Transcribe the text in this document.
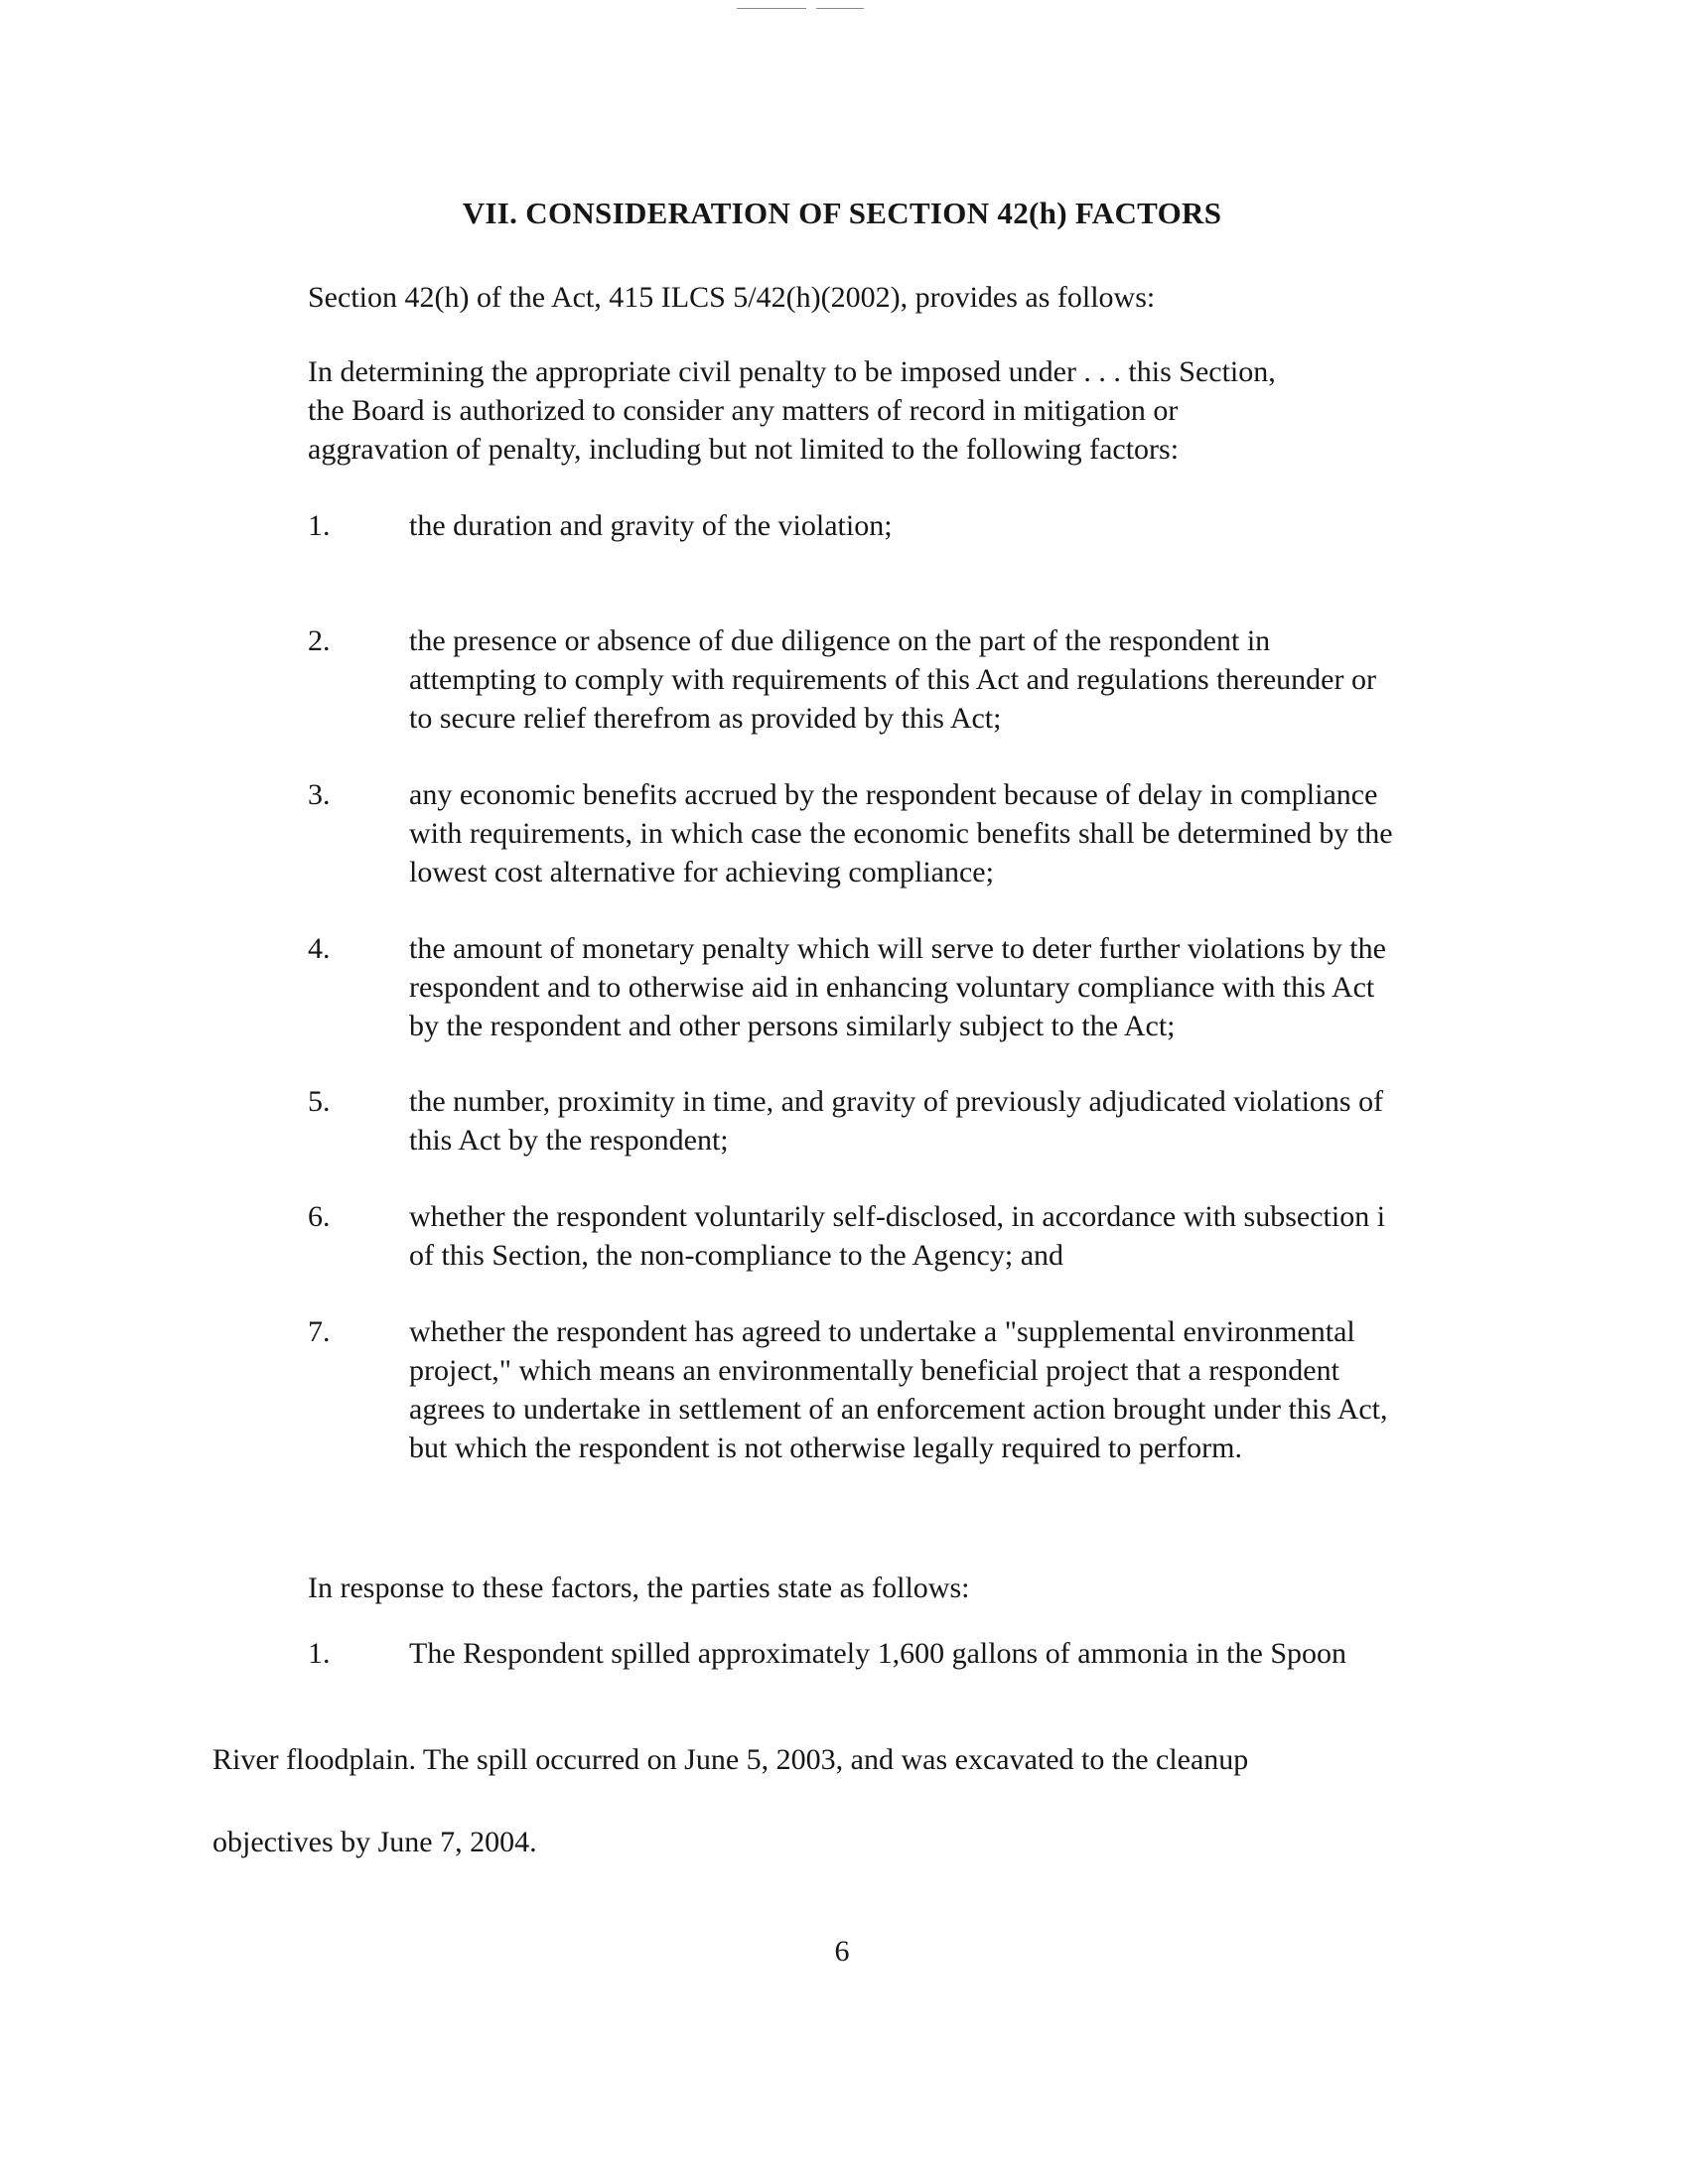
VII. CONSIDERATION OF SECTION 42(h) FACTORS
Section 42(h) of the Act, 415 ILCS 5/42(h)(2002), provides as follows:
In determining the appropriate civil penalty to be imposed under . . . this Section,
the Board is authorized to consider any matters of record in mitigation or
aggravation of penalty, including but not limited to the following factors:
1.	the duration and gravity of the violation;
2.	the presence or absence of due diligence on the part of the respondent in
attempting to comply with requirements of this Act and regulations thereunder or
to secure relief therefrom as provided by this Act;
3.	any economic benefits accrued by the respondent because of delay in compliance
with requirements, in which case the economic benefits shall be determined by the
lowest cost alternative for achieving compliance;
4.	the amount of monetary penalty which will serve to deter further violations by the
respondent and to otherwise aid in enhancing voluntary compliance with this Act
by the respondent and other persons similarly subject to the Act;
5.	the number, proximity in time, and gravity of previously adjudicated violations of
this Act by the respondent;
6.	whether the respondent voluntarily self-disclosed, in accordance with subsection i
of this Section, the non-compliance to the Agency; and
7.	whether the respondent has agreed to undertake a "supplemental environmental
project," which means an environmentally beneficial project that a respondent
agrees to undertake in settlement of an enforcement action brought under this Act,
but which the respondent is not otherwise legally required to perform.
In response to these factors, the parties state as follows:
1.	The Respondent spilled approximately 1,600 gallons of ammonia in the Spoon
River floodplain. The spill occurred on June 5, 2003, and was excavated to the cleanup
objectives by June 7, 2004.
6
